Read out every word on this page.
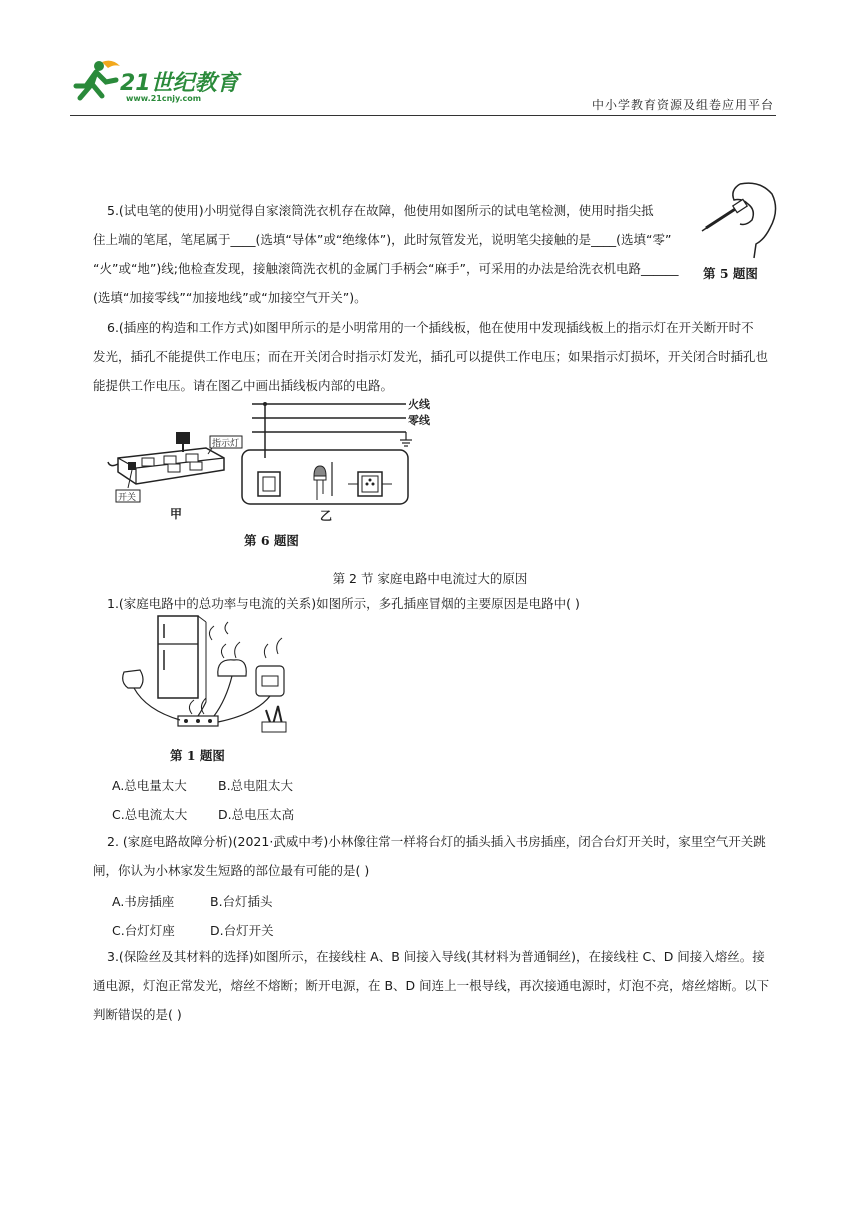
21世纪教育
www.21cnjy.com	中小学教育资源及组卷应用平台
5.(试电笔的使用)小明觉得自家滚筒洗衣机存在故障，他使用如图所示的试电笔检测，使用时指尖抵
住上端的笔尾，笔尾属于____(选填“导体”或“绝缘体”)，此时氖管发光，说明笔尖接触的是____(选填“零”
“火”或“地”)线;他检查发现，接触滚筒洗衣机的金属门手柄会“麻手”，可采用的办法是给洗衣机电路______
(选填“加接零线”“加接地线”或“加接空气开关”)。
第 5 题图
6.(插座的构造和工作方式)如图甲所示的是小明常用的一个插线板，他在使用中发现插线板上的指示灯在开关断开时不
发光，插孔不能提供工作电压；而在开关闭合时指示灯发光，插孔可以提供工作电压；如果指示灯损坏，开关闭合时插孔也
能提供工作电压。请在图乙中画出插线板内部的电路。
开关
指示灯
甲
火线
零线
乙
第 6 题图
第 2 节 家庭电路中电流过大的原因
1.(家庭电路中的总功率与电流的关系)如图所示，多孔插座冒烟的主要原因是电路中( )
第 1 题图
A.总电量太大 B.总电阻太大
C.总电流太大 D.总电压太高
2. (家庭电路故障分析)(2021·武威中考)小林像往常一样将台灯的插头插入书房插座，闭合台灯开关时，家里空气开关跳
闸，你认为小林家发生短路的部位最有可能的是( )
A.书房插座	B.台灯插头
C.台灯灯座	D.台灯开关
3.(保险丝及其材料的选择)如图所示，在接线柱 A、B 间接入导线(其材料为普通铜丝)，在接线柱 C、D 间接入熔丝。接
通电源，灯泡正常发光，熔丝不熔断；断开电源，在 B、D 间连上一根导线，再次接通电源时，灯泡不亮，熔丝熔断。以下
判断错误的是( )
